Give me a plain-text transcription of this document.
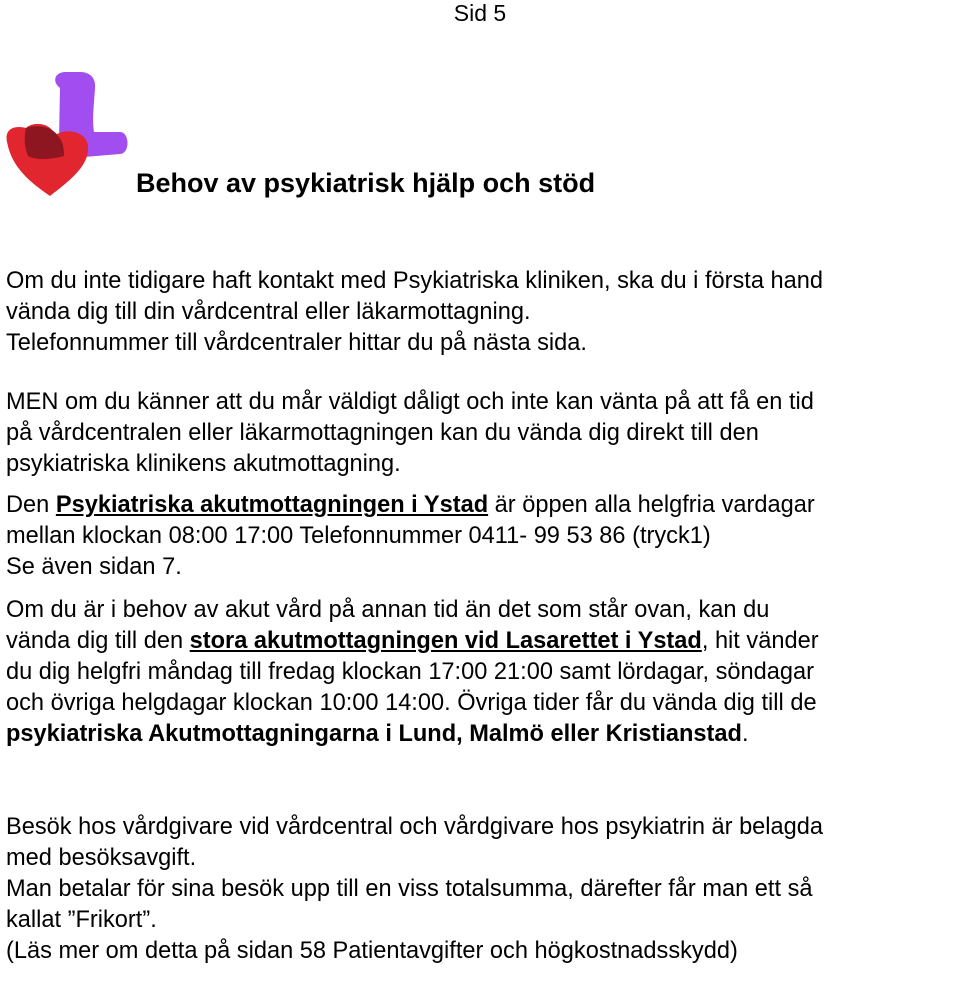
Sid 5
Behov av psykiatrisk hjälp och stöd

Om du inte tidigare haft kontakt med Psykiatriska kliniken, ska du i första hand
vända dig till din vårdcentral eller läkarmottagning.
Telefonnummer till vårdcentraler hittar du på nästa sida.

MEN om du känner att du mår väldigt dåligt och inte kan vänta på att få en tid
på vårdcentralen eller läkarmottagningen kan du vända dig direkt till den
psykiatriska klinikens akutmottagning.

Den Psykiatriska akutmottagningen i Ystad är öppen alla helgfria vardagar
mellan klockan 08:00 17:00 Telefonnummer 0411- 99 53 86 (tryck1)
Se även sidan 7.

Om du är i behov av akut vård på annan tid än det som står ovan, kan du
vända dig till den stora akutmottagningen vid Lasarettet i Ystad, hit vänder
du dig helgfri måndag till fredag klockan 17:00 21:00 samt lördagar, söndagar
och övriga helgdagar klockan 10:00 14:00. Övriga tider får du vända dig till de
psykiatriska Akutmottagningarna i Lund, Malmö eller Kristianstad.

Besök hos vårdgivare vid vårdcentral och vårdgivare hos psykiatrin är belagda
med besöksavgift.
Man betalar för sina besök upp till en viss totalsumma, därefter får man ett så
kallat ”Frikort”.
(Läs mer om detta på sidan 58 Patientavgifter och högkostnadsskydd)
